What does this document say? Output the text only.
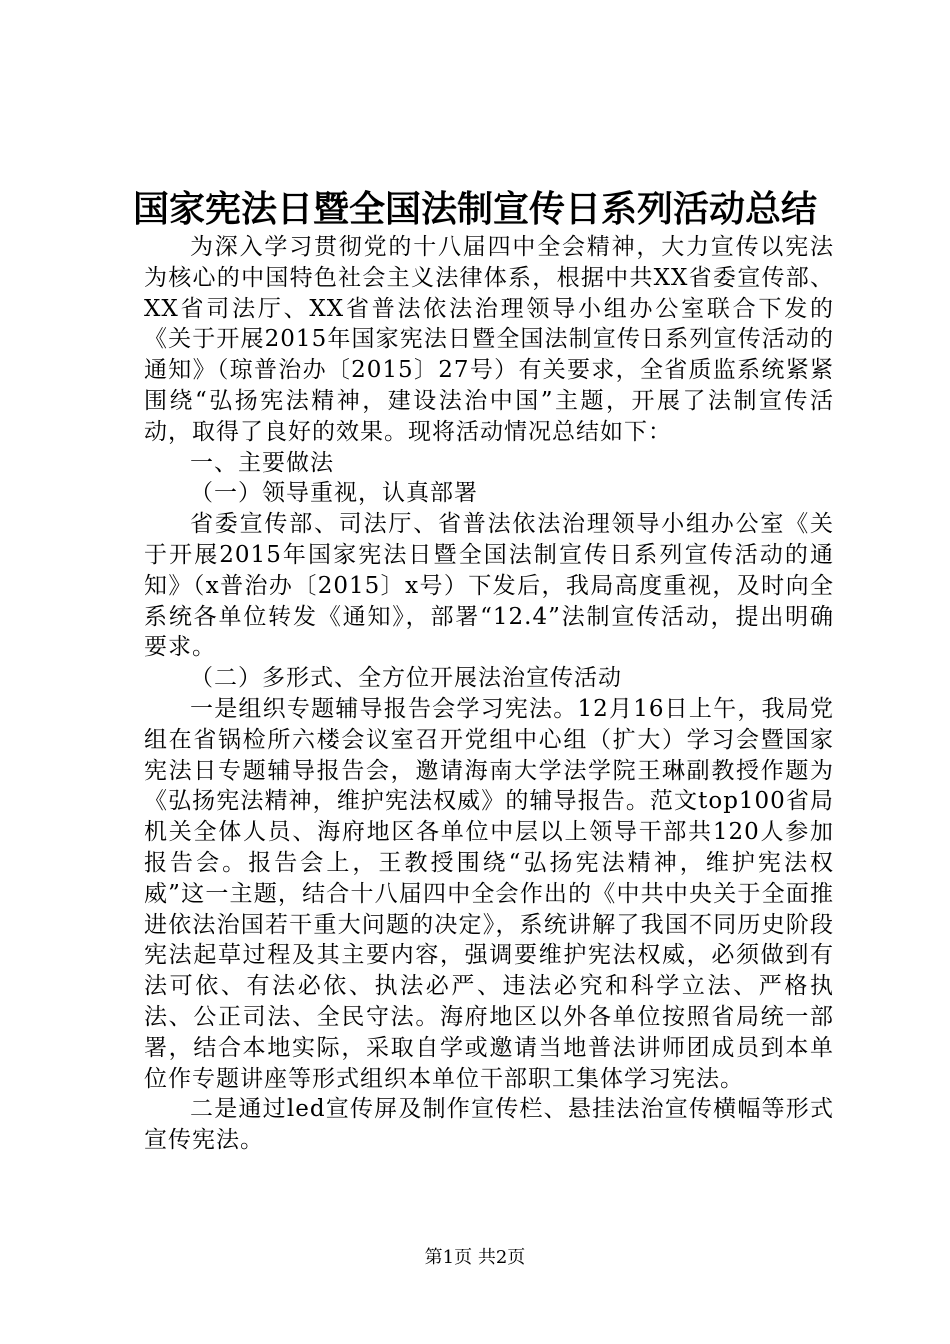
国家宪法日暨全国法制宣传日系列活动总结

为深入学习贯彻党的十八届四中全会精神，大力宣传以宪法为核心的中国特色社会主义法律体系，根据中共XX省委宣传部、XX省司法厅、XX省普法依法治理领导小组办公室联合下发的《关于开展2015年国家宪法日暨全国法制宣传日系列宣传活动的通知》（琼普治办〔2015〕27号）有关要求，全省质监系统紧紧围绕“弘扬宪法精神，建设法治中国”主题，开展了法制宣传活动，取得了良好的效果。现将活动情况总结如下：

一、主要做法

（一）领导重视，认真部署

省委宣传部、司法厅、省普法依法治理领导小组办公室《关于开展2015年国家宪法日暨全国法制宣传日系列宣传活动的通知》（x普治办〔2015〕x号）下发后，我局高度重视，及时向全系统各单位转发《通知》，部署“12.4”法制宣传活动，提出明确要求。

（二）多形式、全方位开展法治宣传活动

一是组织专题辅导报告会学习宪法。12月16日上午，我局党组在省锅检所六楼会议室召开党组中心组（扩大）学习会暨国家宪法日专题辅导报告会，邀请海南大学法学院王琳副教授作题为《弘扬宪法精神，维护宪法权威》的辅导报告。范文top100省局机关全体人员、海府地区各单位中层以上领导干部共120人参加报告会。报告会上，王教授围绕“弘扬宪法精神，维护宪法权威”这一主题，结合十八届四中全会作出的《中共中央关于全面推进依法治国若干重大问题的决定》，系统讲解了我国不同历史阶段宪法起草过程及其主要内容，强调要维护宪法权威，必须做到有法可依、有法必依、执法必严、违法必究和科学立法、严格执法、公正司法、全民守法。海府地区以外各单位按照省局统一部署，结合本地实际，采取自学或邀请当地普法讲师团成员到本单位作专题讲座等形式组织本单位干部职工集体学习宪法。

二是通过led宣传屏及制作宣传栏、悬挂法治宣传横幅等形式宣传宪法。

第1页 共2页
